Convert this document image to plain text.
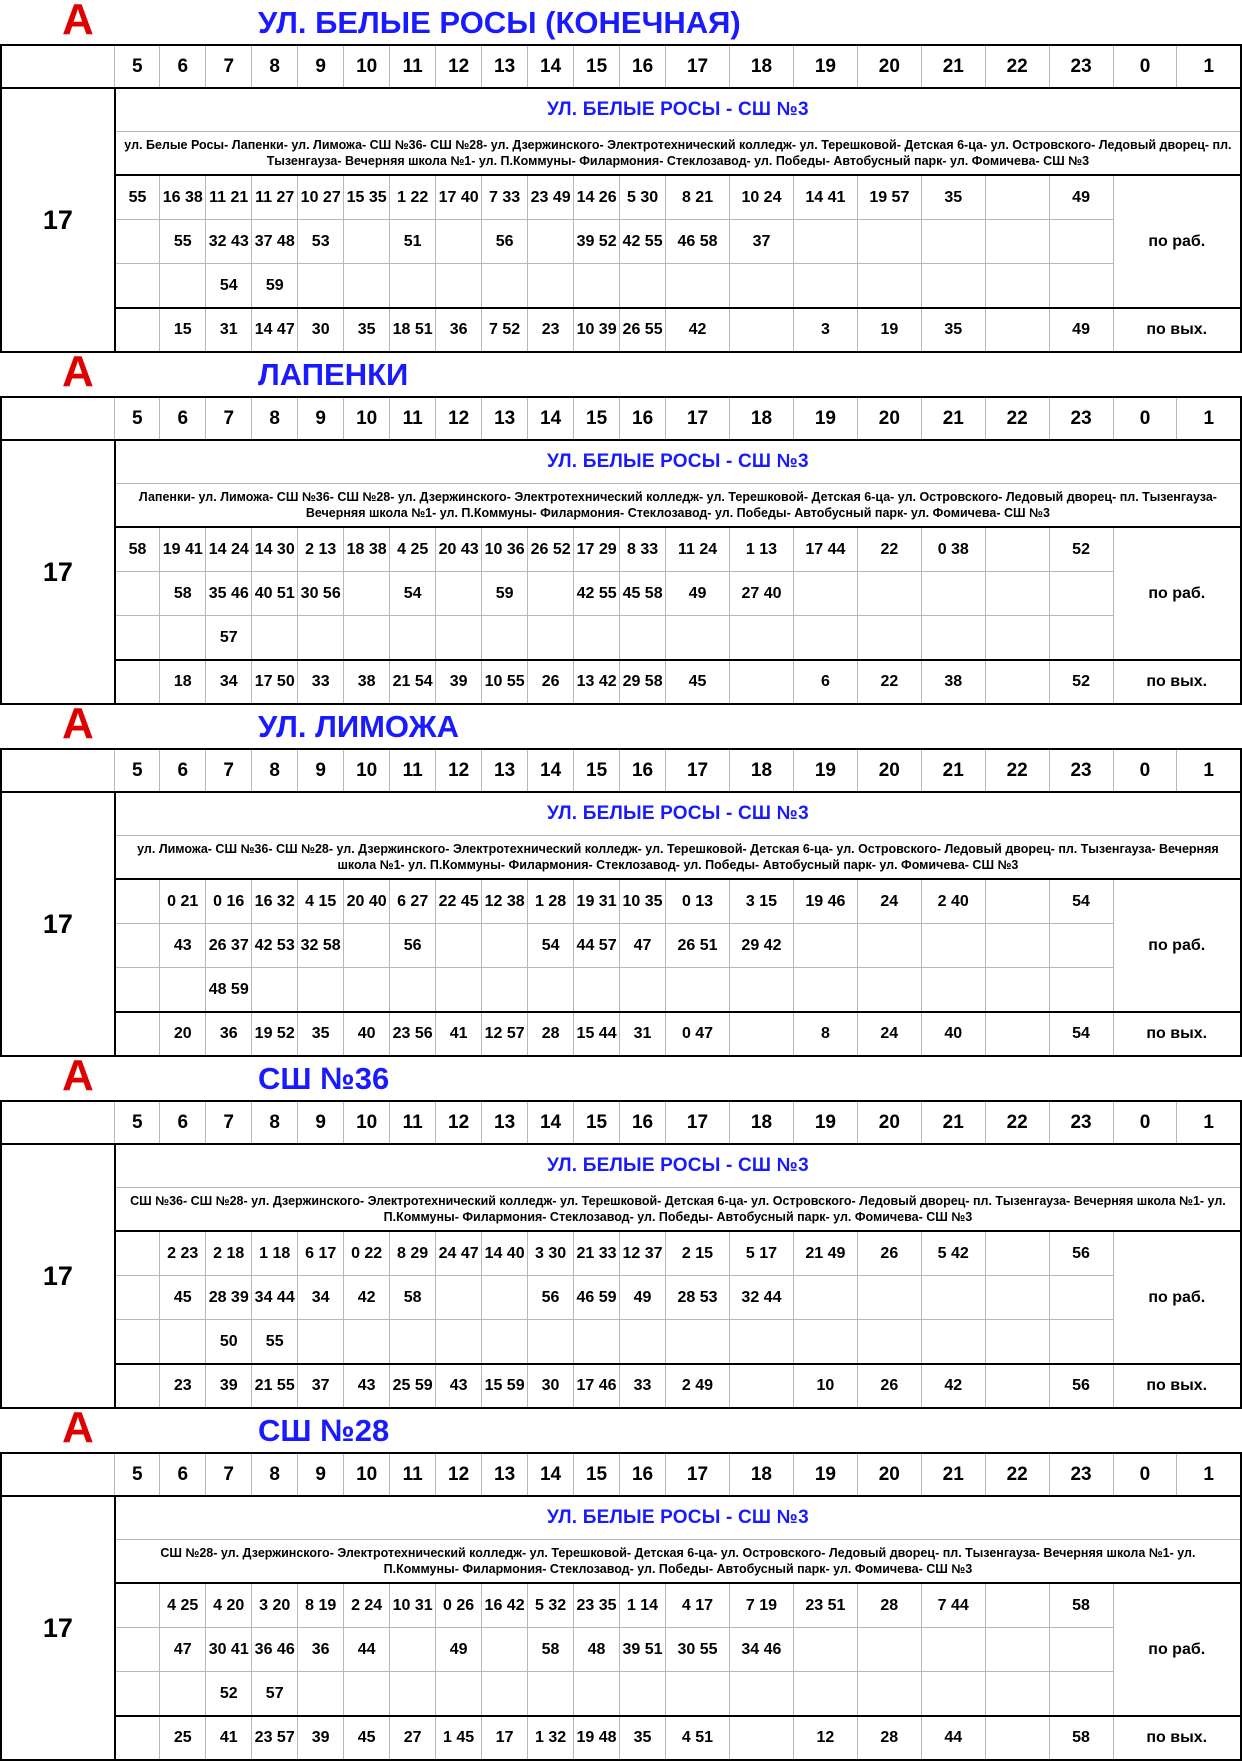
А	УЛ. БЕЛЫЕ РОСЫ (КОНЕЧНАЯ)
	5	6	7	8	9	10	11	12	13	14	15	16	17	18	19	20	21	22	23	0	1
17	УЛ. БЕЛЫЕ РОСЫ - СШ №3																				
	ул. Белые Росы- Лапенки- ул. Лиможа- СШ №36- СШ №28- ул. Дзержинского- Электротехнический колледж- ул. Терешковой- Детская 6-ца- ул. Островского- Ледовый дворец- пл. Тызенгауза- Вечерняя школа №1- ул. П.Коммуны- Филармония- Стеклозавод- ул. Победы- Автобусный парк- ул. Фомичева- СШ №3																				
	55	16 38	11 21	11 27	10 27	15 35	1 22	17 40	7 33	23 49	14 26	5 30	8 21	10 24	14 41	19 57	35		49	по раб.	
		55	32 43	37 48	53		51		56		39 52	42 55	46 58	37							
			54	59																	
		15	31	14 47	30	35	18 51	36	7 52	23	10 39	26 55	42		3	19	35		49	по вых.	
А	ЛАПЕНКИ
	5	6	7	8	9	10	11	12	13	14	15	16	17	18	19	20	21	22	23	0	1
17	УЛ. БЕЛЫЕ РОСЫ - СШ №3																				
	Лапенки- ул. Лиможа- СШ №36- СШ №28- ул. Дзержинского- Электротехнический колледж- ул. Терешковой- Детская 6-ца- ул. Островского- Ледовый дворец- пл. Тызенгауза- Вечерняя школа №1- ул. П.Коммуны- Филармония- Стеклозавод- ул. Победы- Автобусный парк- ул. Фомичева- СШ №3																				
	58	19 41	14 24	14 30	2 13	18 38	4 25	20 43	10 36	26 52	17 29	8 33	11 24	1 13	17 44	22	0 38		52	по раб.	
		58	35 46	40 51	30 56		54		59		42 55	45 58	49	27 40							
			57																		
		18	34	17 50	33	38	21 54	39	10 55	26	13 42	29 58	45		6	22	38		52	по вых.	
А	УЛ. ЛИМОЖА
	5	6	7	8	9	10	11	12	13	14	15	16	17	18	19	20	21	22	23	0	1
17	УЛ. БЕЛЫЕ РОСЫ - СШ №3																				
	ул. Лиможа- СШ №36- СШ №28- ул. Дзержинского- Электротехнический колледж- ул. Терешковой- Детская 6-ца- ул. Островского- Ледовый дворец- пл. Тызенгауза- Вечерняя школа №1- ул. П.Коммуны- Филармония- Стеклозавод- ул. Победы- Автобусный парк- ул. Фомичева- СШ №3																				
		0 21	0 16	16 32	4 15	20 40	6 27	22 45	12 38	1 28	19 31	10 35	0 13	3 15	19 46	24	2 40		54	по раб.	
		43	26 37	42 53	32 58		56			54	44 57	47	26 51	29 42							
			48 59																		
		20	36	19 52	35	40	23 56	41	12 57	28	15 44	31	0 47		8	24	40		54	по вых.	
А	СШ №36
	5	6	7	8	9	10	11	12	13	14	15	16	17	18	19	20	21	22	23	0	1
17	УЛ. БЕЛЫЕ РОСЫ - СШ №3																				
	СШ №36- СШ №28- ул. Дзержинского- Электротехнический колледж- ул. Терешковой- Детская 6-ца- ул. Островского- Ледовый дворец- пл. Тызенгауза- Вечерняя школа №1- ул. П.Коммуны- Филармония- Стеклозавод- ул. Победы- Автобусный парк- ул. Фомичева- СШ №3																				
		2 23	2 18	1 18	6 17	0 22	8 29	24 47	14 40	3 30	21 33	12 37	2 15	5 17	21 49	26	5 42		56	по раб.	
		45	28 39	34 44	34	42	58			56	46 59	49	28 53	32 44							
			50	55																	
		23	39	21 55	37	43	25 59	43	15 59	30	17 46	33	2 49		10	26	42		56	по вых.	
А	СШ №28
	5	6	7	8	9	10	11	12	13	14	15	16	17	18	19	20	21	22	23	0	1
17	УЛ. БЕЛЫЕ РОСЫ - СШ №3																				
	СШ №28- ул. Дзержинского- Электротехнический колледж- ул. Терешковой- Детская 6-ца- ул. Островского- Ледовый дворец- пл. Тызенгауза- Вечерняя школа №1- ул. П.Коммуны- Филармония- Стеклозавод- ул. Победы- Автобусный парк- ул. Фомичева- СШ №3																				
		4 25	4 20	3 20	8 19	2 24	10 31	0 26	16 42	5 32	23 35	1 14	4 17	7 19	23 51	28	7 44		58	по раб.	
		47	30 41	36 46	36	44		49		58	48	39 51	30 55	34 46							
			52	57																	
		25	41	23 57	39	45	27	1 45	17	1 32	19 48	35	4 51		12	28	44		58	по вых.	
